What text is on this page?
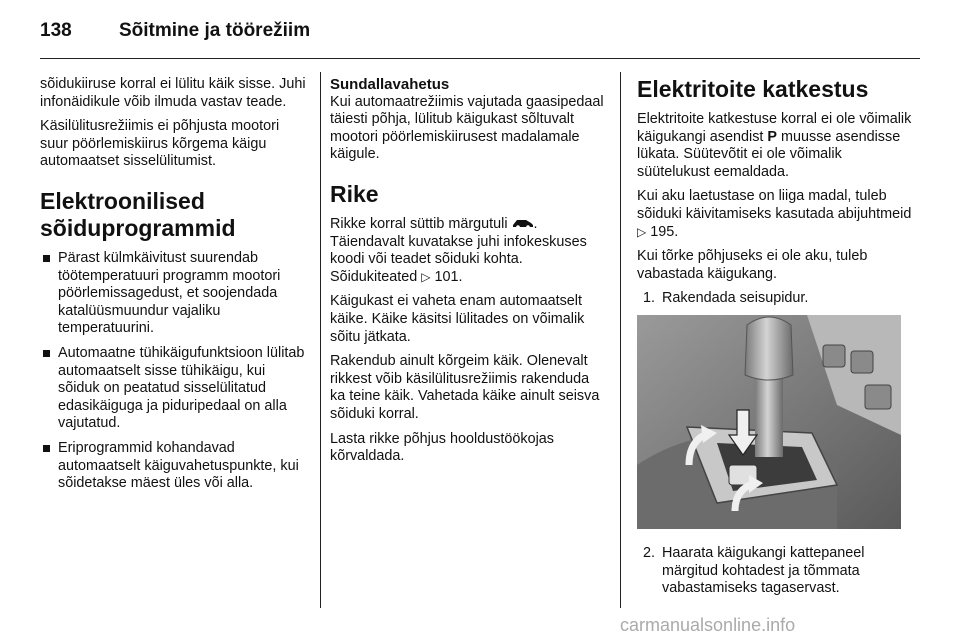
138 Sõitmine ja töörežiim

sõidukiiruse korral ei lülitu käik sisse. Juhi infonäidikule võib ilmuda vastav teade.

Käsilülitusrežiimis ei põhjusta mootori suur pöörlemiskiirus kõrgema käigu automaatset sisselülitumist.

Elektroonilised sõiduprogrammid
Pärast külmkäivitust suurendab töötemperatuuri programm mootori pöörlemissagedust, et soojendada katalüüsmuundur vajaliku temperatuurini.
Automaatne tühikäigufunktsioon lülitab automaatselt sisse tühikäigu, kui sõiduk on peatatud sisselülitatud edasikäiguga ja piduripedaal on alla vajutatud.
Eriprogrammid kohandavad automaatselt käiguvahetuspunkte, kui sõidetakse mäest üles või alla.
Sundallavahetus

Kui automaatrežiimis vajutada gaasipedaal täiesti põhja, lülitub käigukast sõltuvalt mootori pöörlemiskiirusest madalamale käigule.

Rike

Rikke korral süttib märgutuli . Täiendavalt kuvatakse juhi infokeskuses koodi või teadet sõiduki kohta. Sõidukiteated ▷ 101.

Käigukast ei vaheta enam automaatselt käike. Käike käsitsi lülitades on võimalik sõitu jätkata.

Rakendub ainult kõrgeim käik. Olenevalt rikkest võib käsilülitusrežiimis rakenduda ka teine käik. Vahetada käike ainult seisva sõiduki korral.

Lasta rikke põhjus hooldustöökojas kõrvaldada.

Elektritoite katkestus

Elektritoite katkestuse korral ei ole võimalik käigukangi asendist P muusse asendisse lükata. Süütevõtit ei ole võimalik süütelukust eemaldada.

Kui aku laetustase on liiga madal, tuleb sõiduki käivitamiseks kasutada abijuhtmeid ▷ 195.

Kui tõrke põhjuseks ei ole aku, tuleb vabastada käigukang.

1. Rakendada seisupidur.
2. Haarata käigukangi kattepaneel märgitud kohtadest ja tõmmata vabastamiseks tagaservast.
carmanualsonline.info
